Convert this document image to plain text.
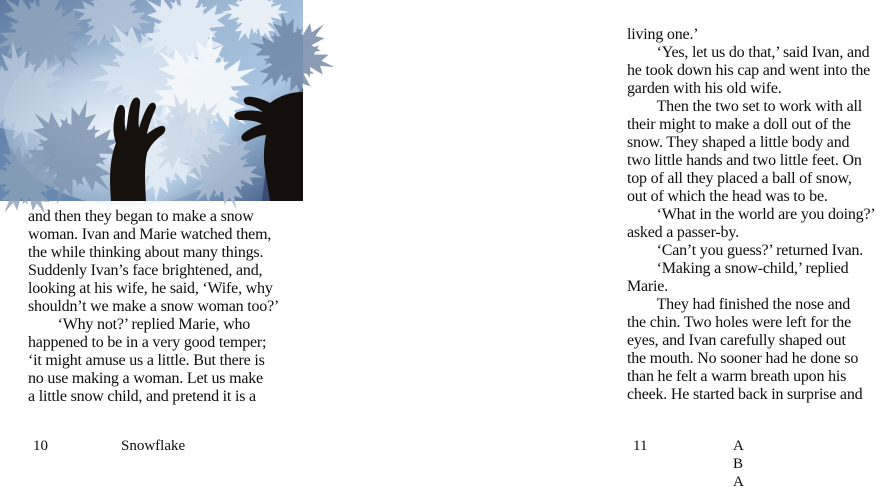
and then they began to make a snow
woman. Ivan and Marie watched them,
the while thinking about many things.
Suddenly Ivan’s face brightened, and,
looking at his wife, he said, ‘Wife, why
shouldn’t we make a snow woman too?’
‘Why not?’ replied Marie, who
happened to be in a very good temper;
‘it might amuse us a little. But there is
no use making a woman. Let us make
a little snow child, and pretend it is a
10	Snowflake
living one.’
‘Yes, let us do that,’ said Ivan, and
he took down his cap and went into the
garden with his old wife.
Then the two set to work with all
their might to make a doll out of the
snow. They shaped a little body and
two little hands and two little feet. On
top of all they placed a ball of snow,
out of which the head was to be.
‘What in the world are you doing?’
asked a passer-by.
‘Can’t you guess?’ returned Ivan.
‘Making a snow-child,’ replied
Marie.
They had finished the nose and
the chin. Two holes were left for the
eyes, and Ivan carefully shaped out
the mouth. No sooner had he done so
than he felt a warm breath upon his
cheek. He started back in surprise and
11	A B A
